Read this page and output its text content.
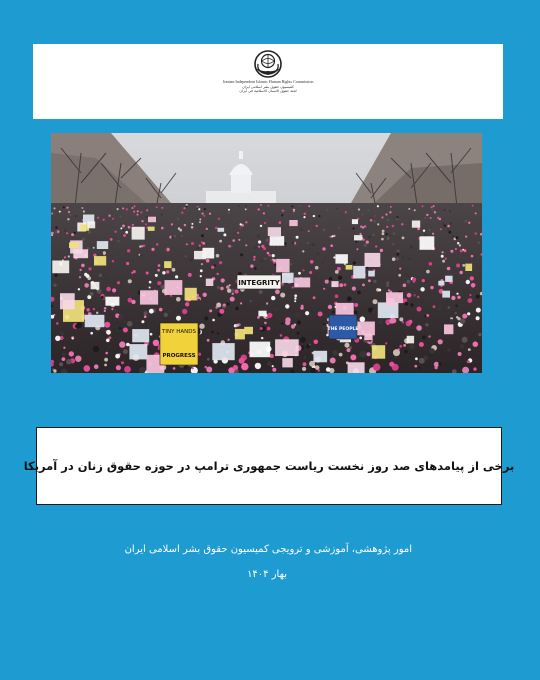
Iranian Independent Islamic Human Rights Commission
کمیسیون حقوق بشر اسلامی ایران
لجنة حقوق الانسان الاسلامية في ايران
INTEGRITY
TINY HANDS
PROGRESS
THE PEOPLE
برخی از پیامدهای صد روز نخست ریاست جمهوری ترامپ در حوزه حقوق زنان در آمریکا
امور پژوهشی، آموزشی و ترویجی کمیسیون حقوق بشر اسلامی ایران
بهار ۱۴۰۴
